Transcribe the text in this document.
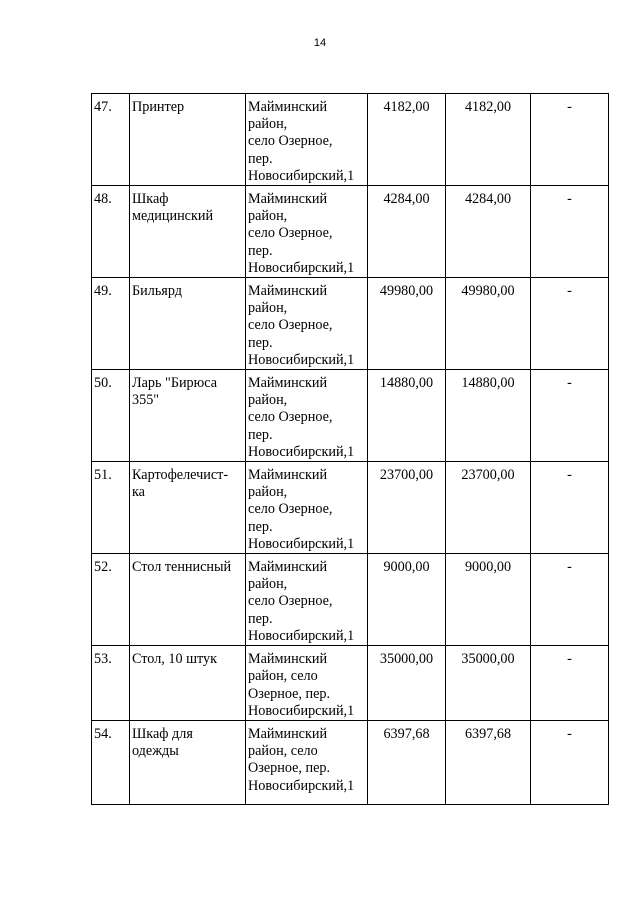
14
47.	Принтер	Майминский
район,
село Озерное,
пер.
Новосибирский,1	4182,00	4182,00	-
48.	Шкаф
медицинский	Майминский
район,
село Озерное,
пер.
Новосибирский,1	4284,00	4284,00	-
49.	Бильярд	Майминский
район,
село Озерное,
пер.
Новосибирский,1	49980,00	49980,00	-
50.	Ларь "Бирюса
355"	Майминский
район,
село Озерное,
пер.
Новосибирский,1	14880,00	14880,00	-
51.	Картофелечист-
ка	Майминский
район,
село Озерное,
пер.
Новосибирский,1	23700,00	23700,00	-
52.	Стол теннисный	Майминский
район,
село Озерное,
пер.
Новосибирский,1	9000,00	9000,00	-
53.	Стол, 10 штук	Майминский
район, село
Озерное, пер.
Новосибирский,1	35000,00	35000,00	-
54.	Шкаф для
одежды	Майминский
район, село
Озерное, пер.
Новосибирский,1	6397,68	6397,68	-
